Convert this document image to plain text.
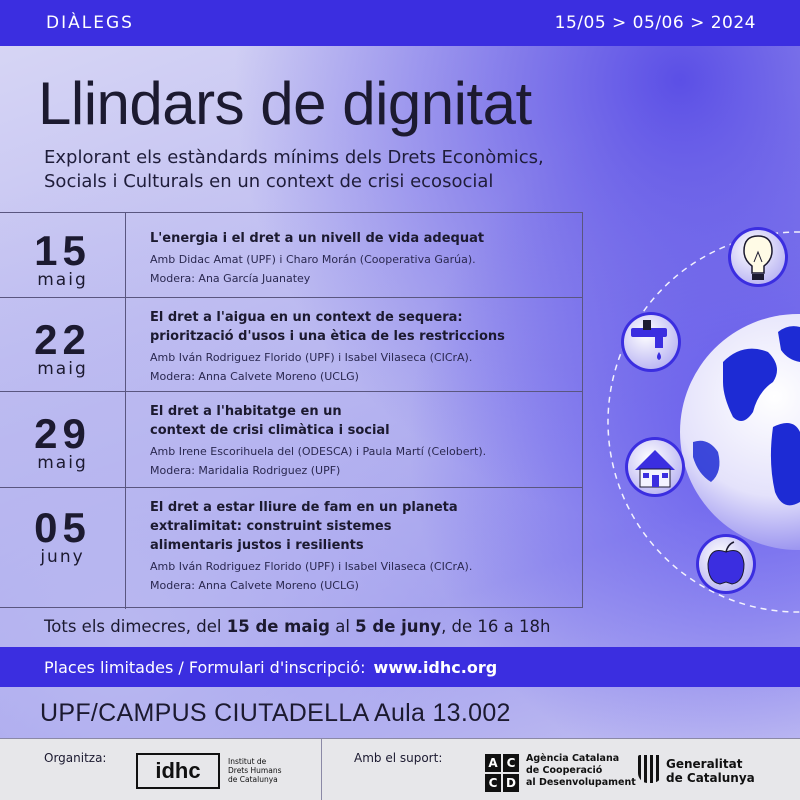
DIÀLEGS	15/05 > 05/06 > 2024
Llindars de dignitat
Explorant els estàndards mínims dels Drets Econòmics,
Socials i Culturals en un context de crisi ecosocial
15
maig
L'energia i el dret a un nivell de vida adequat
Amb Didac Amat (UPF) i Charo Morán (Cooperativa Garúa).
Modera: Ana García Juanatey
22
maig
El dret a l'aigua en un context de sequera:
priorització d'usos i una ètica de les restriccions
Amb Iván Rodriguez Florido (UPF) i Isabel Vilaseca (CICrA).
Modera: Anna Calvete Moreno (UCLG)
29
maig
El dret a l'habitatge en un
context de crisi climàtica i social
Amb Irene Escorihuela del (ODESCA) i Paula Martí (Celobert).
Modera: Maridalia Rodriguez (UPF)
05
juny
El dret a estar lliure de fam en un planeta
extralimitat: construint sistemes
alimentaris justos i resilients
Amb Iván Rodriguez Florido (UPF) i Isabel Vilaseca (CICrA).
Modera: Anna Calvete Moreno (UCLG)
Tots els dimecres, del 15 de maig al 5 de juny, de 16 a 18h
Places limitades / Formulari d'inscripció: www.idhc.org
UPF/CAMPUS CIUTADELLA Aula 13.002
Organitza:	idhc	Institut de
Drets Humans
de Catalunya
Amb el suport:	A C
C D
Agència Catalana
de Cooperació
al Desenvolupament
Generalitat
de Catalunya
